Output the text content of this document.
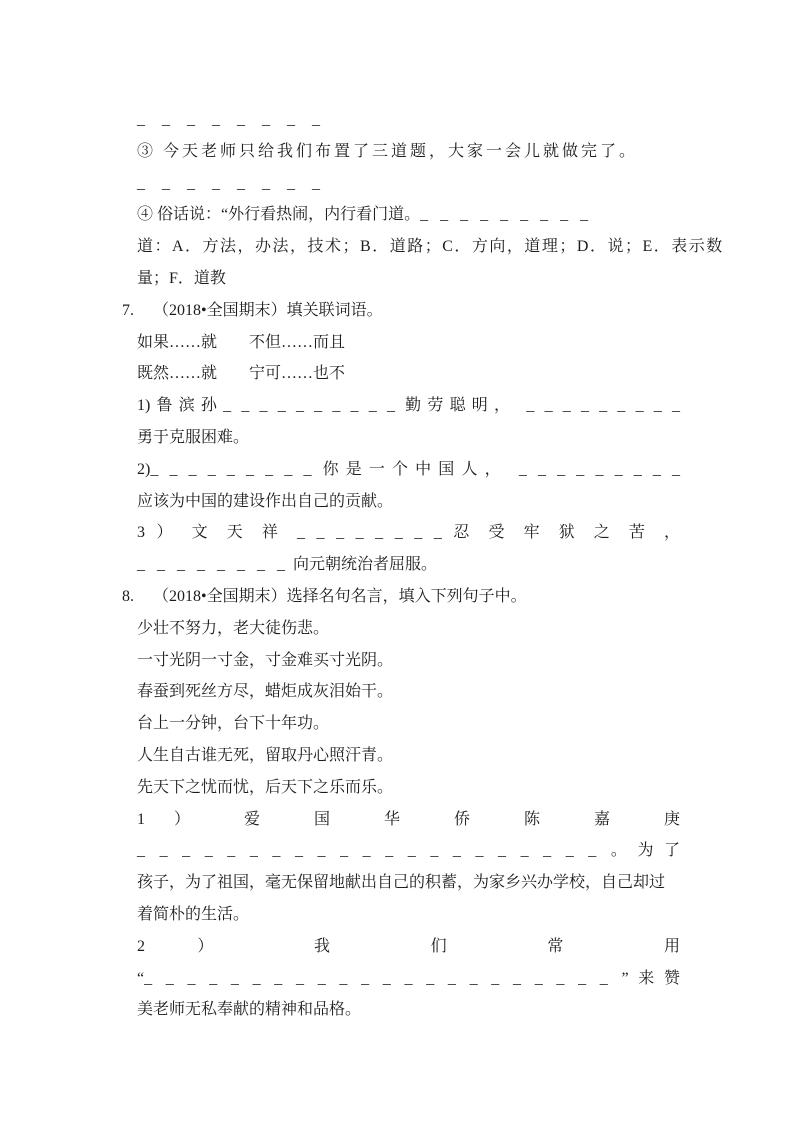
_ _ _ _ _ _ _ _
③ 今天老师只给我们布置了三道题，大家一会儿就做完了。
_ _ _ _ _ _ _ _
④ 俗话说：“外行看热闹，内行看门道。_ _ _ _ _ _ _ _ _
道：A．方法，办法，技术；B．道路；C．方向，道理；D．说；E．表示数
量；F．道教
7. （2018•全国期末）填关联词语。
如果……就　　不但……而且
既然……就　　宁可……也不
1)鲁滨孙_ _ _ _ _ _ _ _ _ _ 勤劳聪明， _ _ _ _ _ _ _ _ _
勇于克服困难。
2)_ _ _ _ _ _ _ _ _ 你是一个中国人， _ _ _ _ _ _ _ _ _
应该为中国的建设作出自己的贡献。
3 ） 文 天 祥 _ _ _ _ _ _ _ _ 忍 受 牢 狱 之 苦 ，
_ _ _ _ _ _ _ _ 向元朝统治者屈服。
8. （2018•全国期末）选择名句名言，填入下列句子中。
少壮不努力，老大徒伤悲。
一寸光阴一寸金，寸金难买寸光阴。
春蚕到死丝方尽，蜡炬成灰泪始干。
台上一分钟，台下十年功。
人生自古谁无死，留取丹心照汗青。
先天下之忧而忧，后天下之乐而乐。
1 ） 爱 国 华 侨 陈 嘉 庚
_ _ _ _ _ _ _ _ _ _ _ _ _ _ _ _ _ _ _ _ _ 。为了
孩子，为了祖国，毫无保留地献出自己的积蓄，为家乡兴办学校，自己却过
着简朴的生活。
2 ） 我 们 常 用
“_ _ _ _ _ _ _ _ _ _ _ _ _ _ _ _ _ _ _ _ _ _ ”来赞
美老师无私奉献的精神和品格。
